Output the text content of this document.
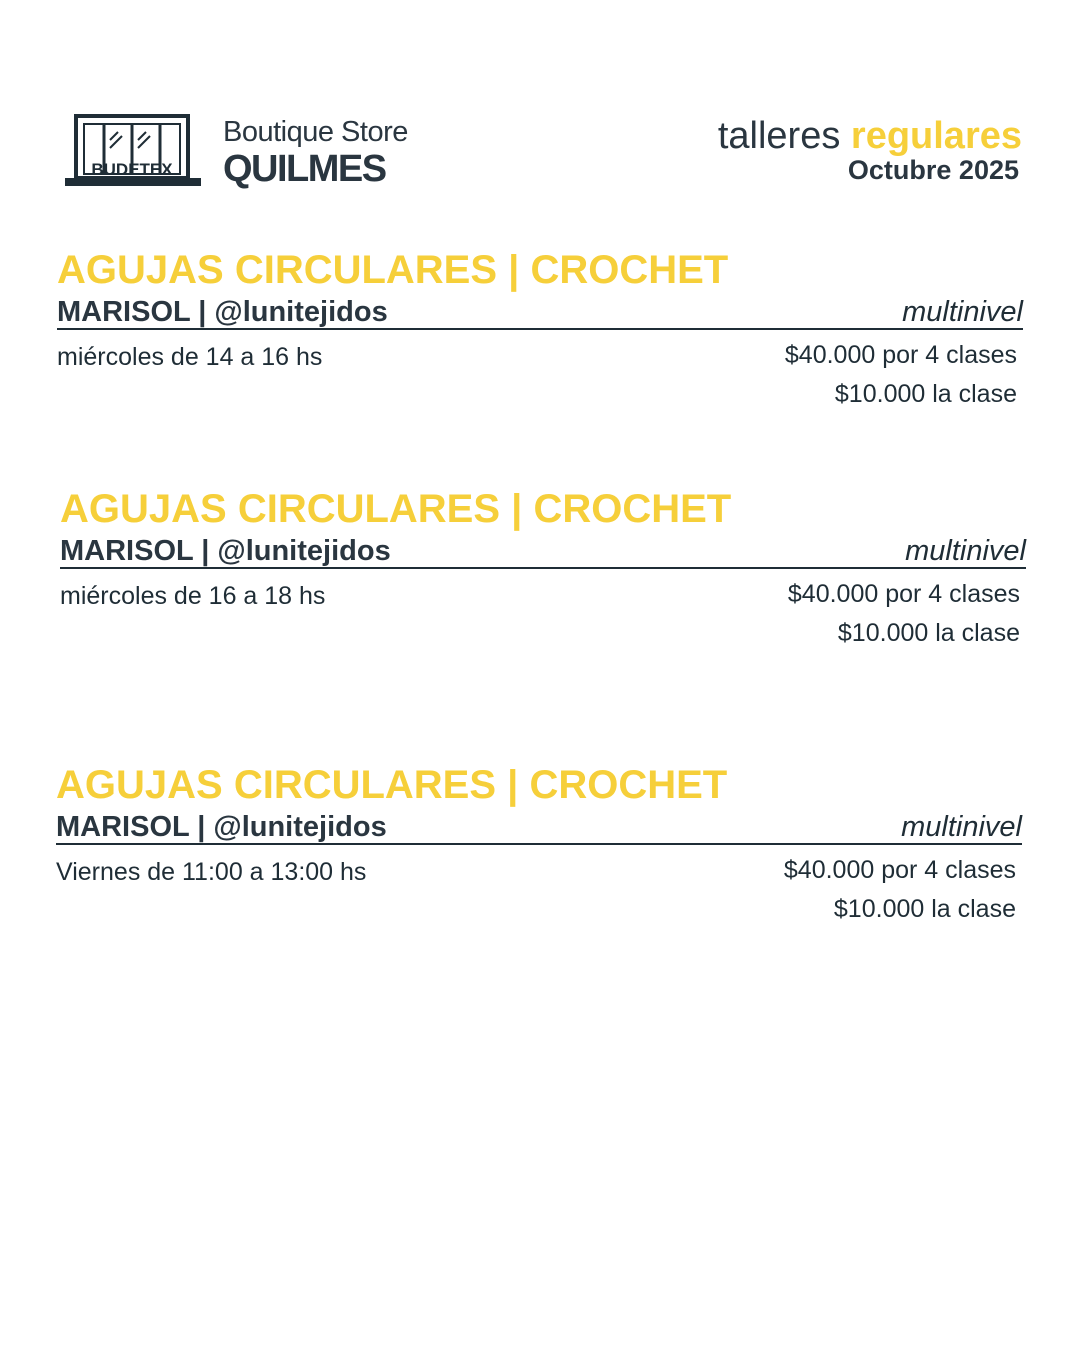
BUDETEX
Boutique Store
QUILMES
talleres regulares
Octubre 2025
AGUJAS CIRCULARES | CROCHET
MARISOL | @lunitejidos	multinivel
miércoles de 14 a 16 hs	$40.000 por 4 clases
$10.000 la clase
AGUJAS CIRCULARES | CROCHET
MARISOL | @lunitejidos	multinivel
miércoles de 16 a 18 hs	$40.000 por 4 clases
$10.000 la clase
AGUJAS CIRCULARES | CROCHET
MARISOL | @lunitejidos	multinivel
Viernes de 11:00 a 13:00 hs	$40.000 por 4 clases
$10.000 la clase
